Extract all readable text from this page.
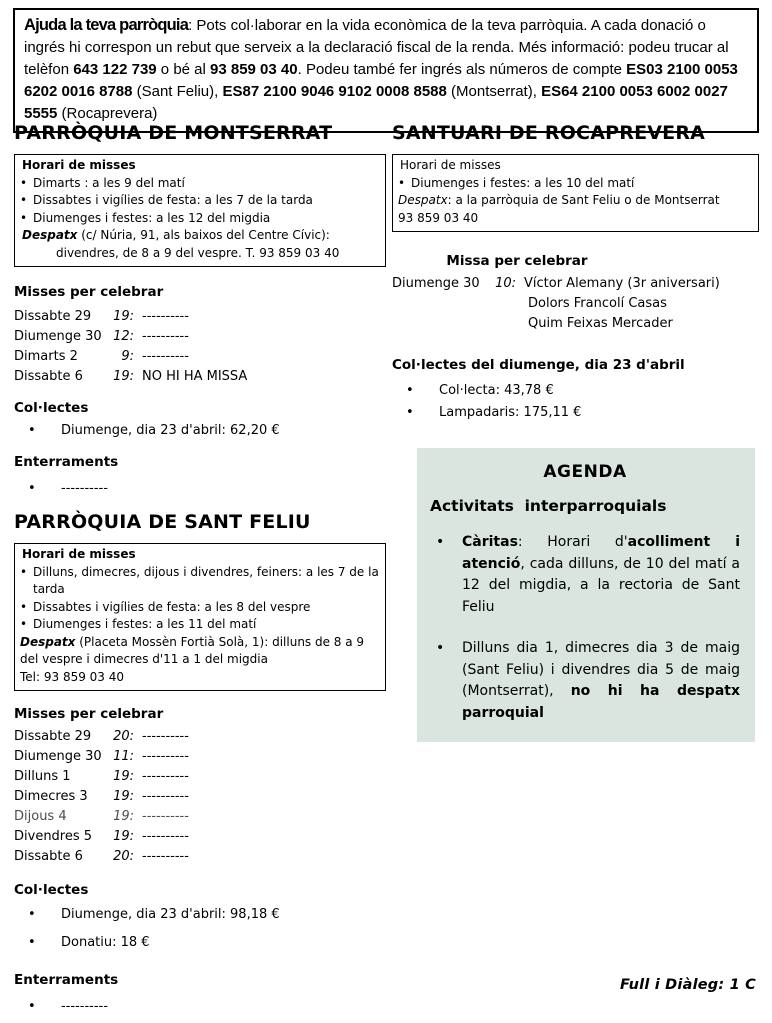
Ajuda la teva parròquia: Pots col·laborar en la vida econòmica de la teva parròquia. A cada donació o ingrés hi correspon un rebut que serveix a la declaració fiscal de la renda. Més informació: podeu trucar al telèfon 643 122 739 o bé al 93 859 03 40. Podeu també fer ingrés als números de compte ES03 2100 0053 6202 0016 8788 (Sant Feliu), ES87 2100 9046 9102 0008 8588 (Montserrat), ES64 2100 0053 6002 0027 5555 (Rocaprevera)
PARRÒQUIA DE MONTSERRAT
Horari de misses
• Dimarts : a les 9 del matí
• Dissabtes i vigílies de festa: a les 7 de la tarda
• Diumenges i festes: a les 12 del migdia
Despatx (c/ Núria, 91, als baixos del Centre Cívic):
divendres, de 8 a 9 del vespre. T. 93 859 03 40
Misses per celebrar
Dissabte 29	19: ----------
Diumenge 30 12: ----------
Dimarts 2	9: ----------
Dissabte 6	19: NO HI HA MISSA
Col·lectes
•	Diumenge, dia 23 d'abril: 62,20 €
Enterraments
•	----------
PARRÒQUIA DE SANT FELIU
Horari de misses
• Dilluns, dimecres, dijous i divendres, feiners: a les 7 de la tarda
• Dissabtes i vigílies de festa: a les 8 del vespre
• Diumenges i festes: a les 11 del matí
Despatx (Placeta Mossèn Fortià Solà, 1): dilluns de 8 a 9 del vespre i dimecres d'11 a 1 del migdia
Tel: 93 859 03 40
Misses per celebrar
Dissabte 29	20: ----------
Diumenge 30 11: ----------
Dilluns 1	19: ----------
Dimecres 3	19: ----------
Dijous 4	19: ----------
Divendres 5	19: ----------
Dissabte 6	20: ----------
Col·lectes
•	Diumenge, dia 23 d'abril: 98,18 €
•	Donatiu: 18 €
Enterraments
•	----------
SANTUARI DE ROCAPREVERA
Horari de misses
• Diumenges i festes: a les 10 del matí
Despatx: a la parròquia de Sant Feliu o de Montserrat
93 859 03 40
Missa per celebrar
Diumenge 30	10: Víctor Alemany (3r aniversari)
Dolors Francolí Casas
Quim Feixas Mercader
Col·lectes del diumenge, dia 23 d'abril
•	Col·lecta: 43,78 €
•	Lampadaris: 175,11 €
AGENDA
Activitats  interparroquials
•	Càritas: Horari d'acolliment i atenció, cada dilluns, de 10 del matí a 12 del migdia, a la rectoria de Sant Feliu
•	Dilluns dia 1, dimecres dia 3 de maig (Sant Feliu) i divendres dia 5 de maig (Montserrat), no hi ha despatx parroquial
Full i Diàleg: 1 C
